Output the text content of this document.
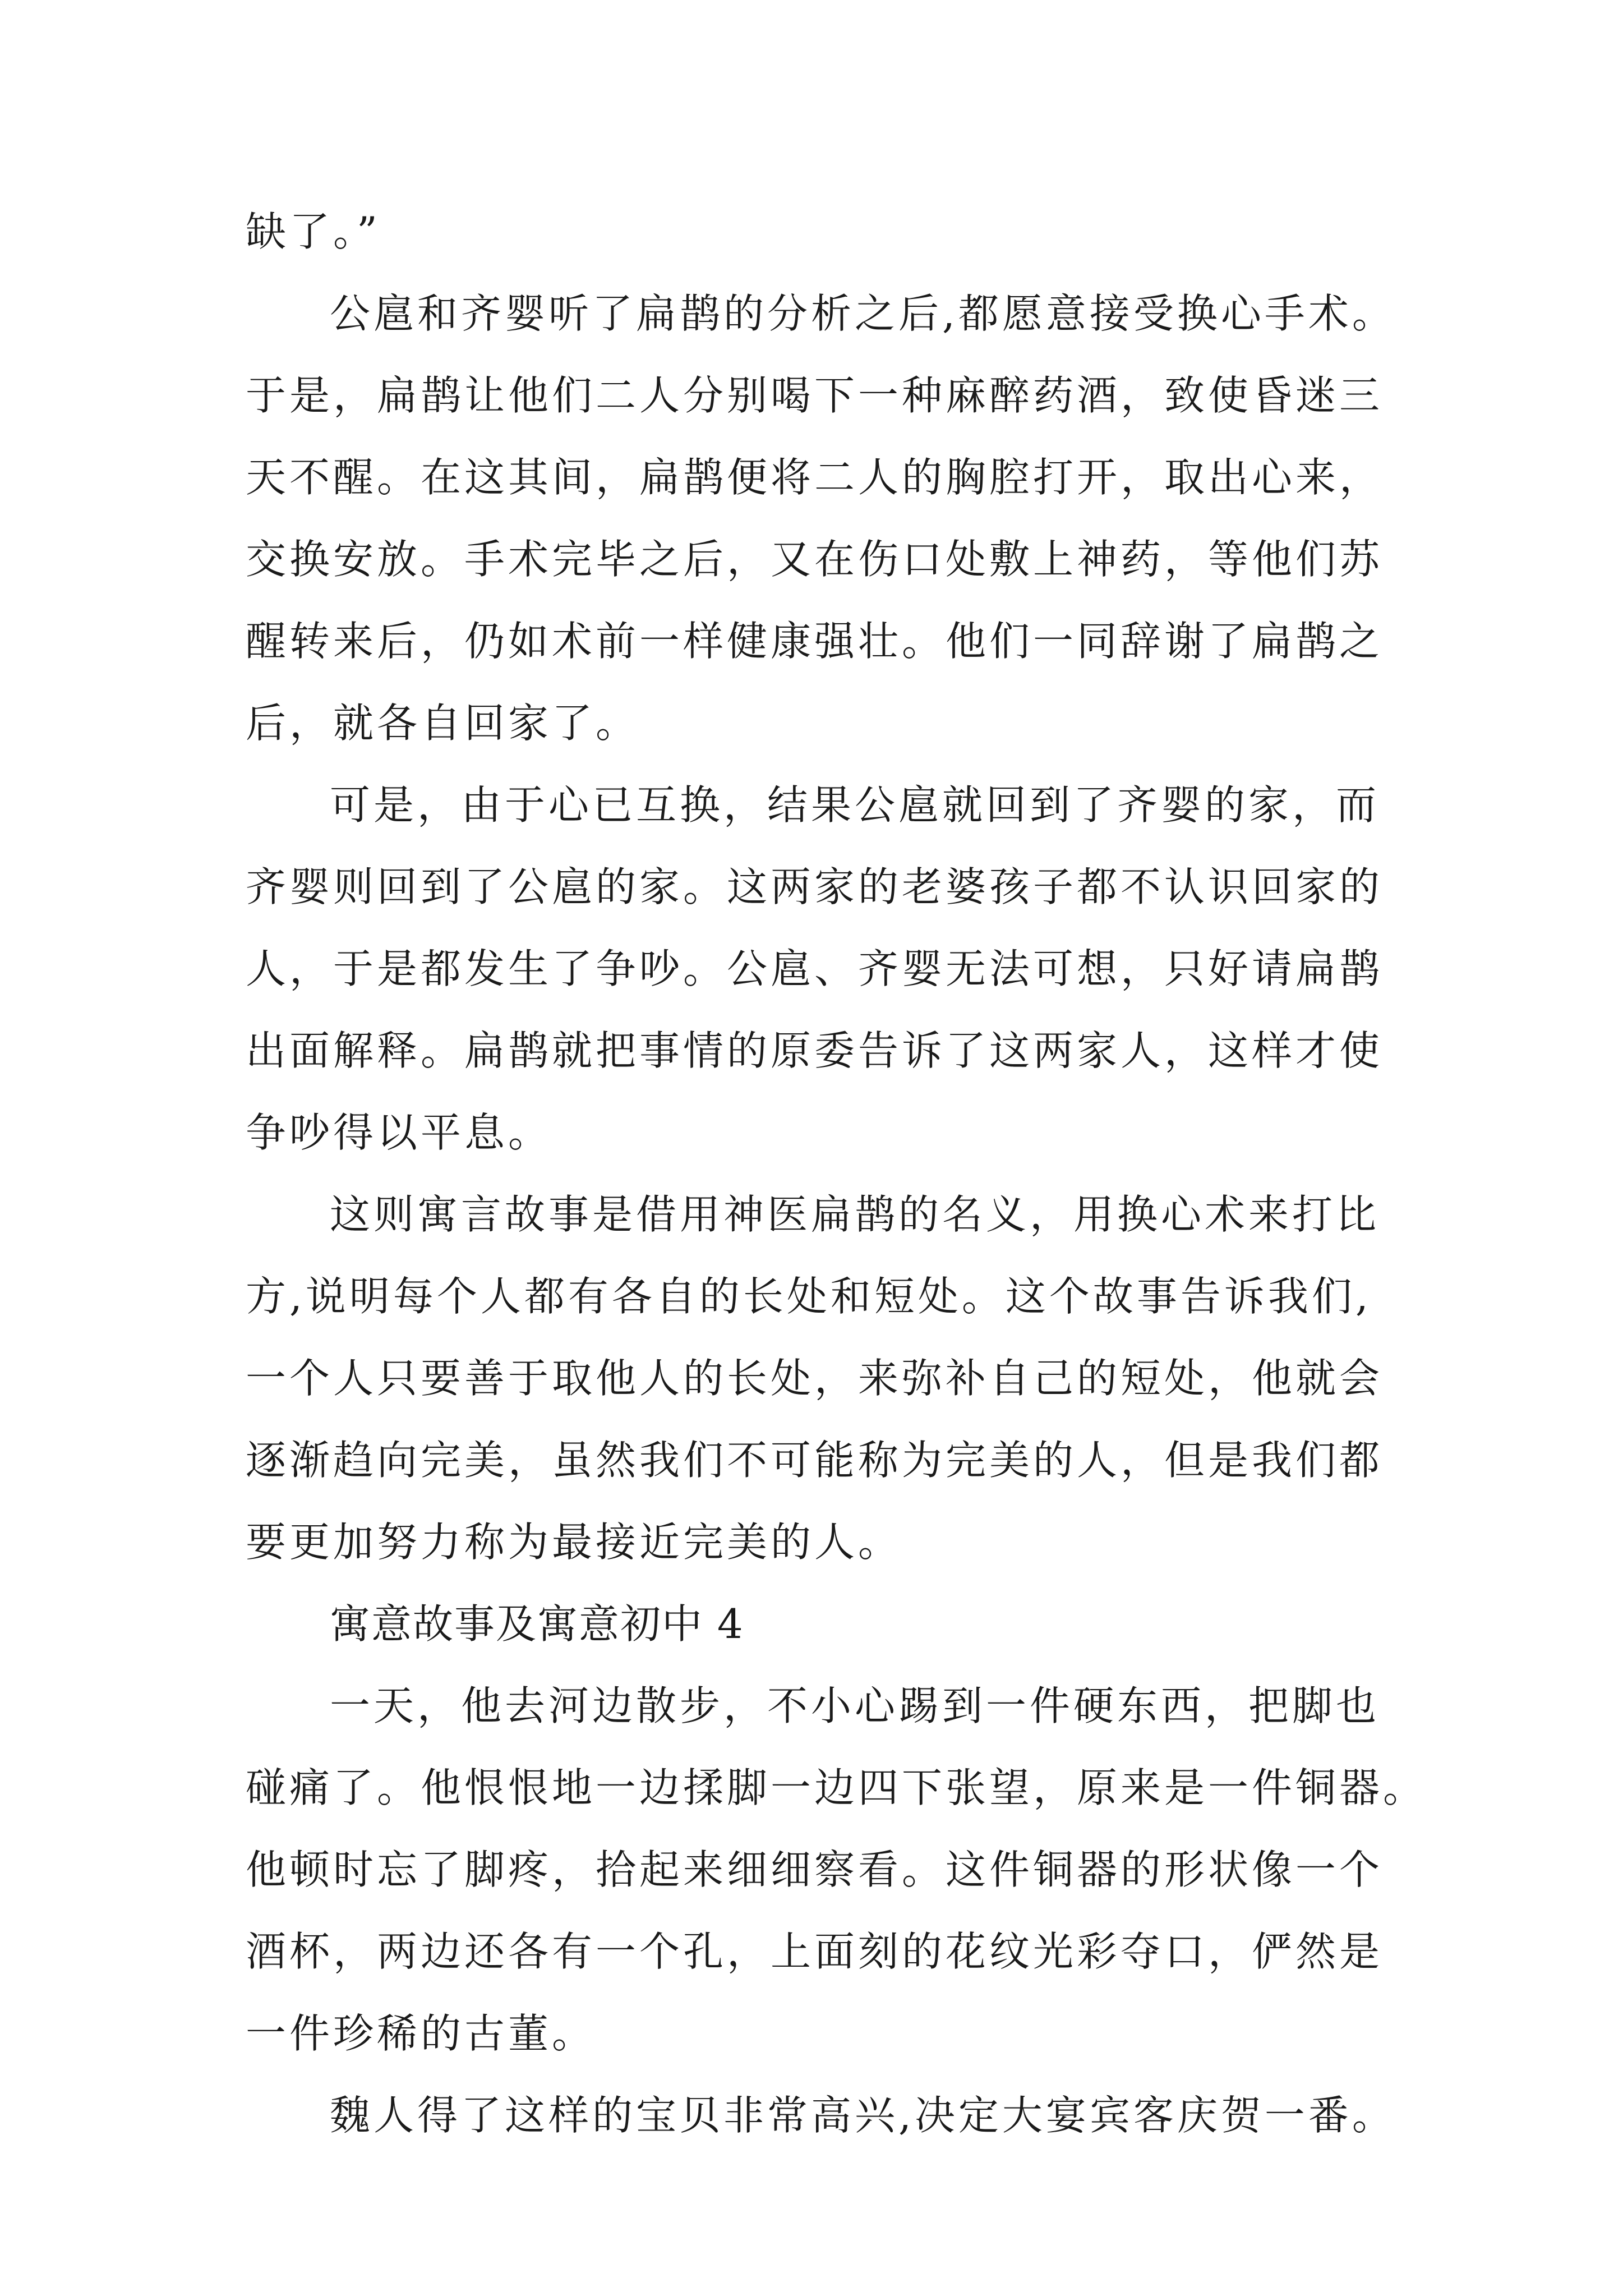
缺了。”
公扈和齐婴听了扁鹊的分析之后,都愿意接受换心手术。
于是，扁鹊让他们二人分别喝下一种麻醉药酒，致使昏迷三
天不醒。在这其间，扁鹊便将二人的胸腔打开，取出心来，
交换安放。手术完毕之后，又在伤口处敷上神药，等他们苏
醒转来后，仍如术前一样健康强壮。他们一同辞谢了扁鹊之
后，就各自回家了。
可是，由于心已互换，结果公扈就回到了齐婴的家，而
齐婴则回到了公扈的家。这两家的老婆孩子都不认识回家的
人，于是都发生了争吵。公扈、齐婴无法可想，只好请扁鹊
出面解释。扁鹊就把事情的原委告诉了这两家人，这样才使
争吵得以平息。
这则寓言故事是借用神医扁鹊的名义，用换心术来打比
方,说明每个人都有各自的长处和短处。这个故事告诉我们,
一个人只要善于取他人的长处，来弥补自己的短处，他就会
逐渐趋向完美，虽然我们不可能称为完美的人，但是我们都
要更加努力称为最接近完美的人。
寓意故事及寓意初中 4
一天，他去河边散步，不小心踢到一件硬东西，把脚也
碰痛了。他恨恨地一边揉脚一边四下张望，原来是一件铜器。
他顿时忘了脚疼，拾起来细细察看。这件铜器的形状像一个
酒杯，两边还各有一个孔，上面刻的花纹光彩夺口，俨然是
一件珍稀的古董。
魏人得了这样的宝贝非常高兴,决定大宴宾客庆贺一番。
